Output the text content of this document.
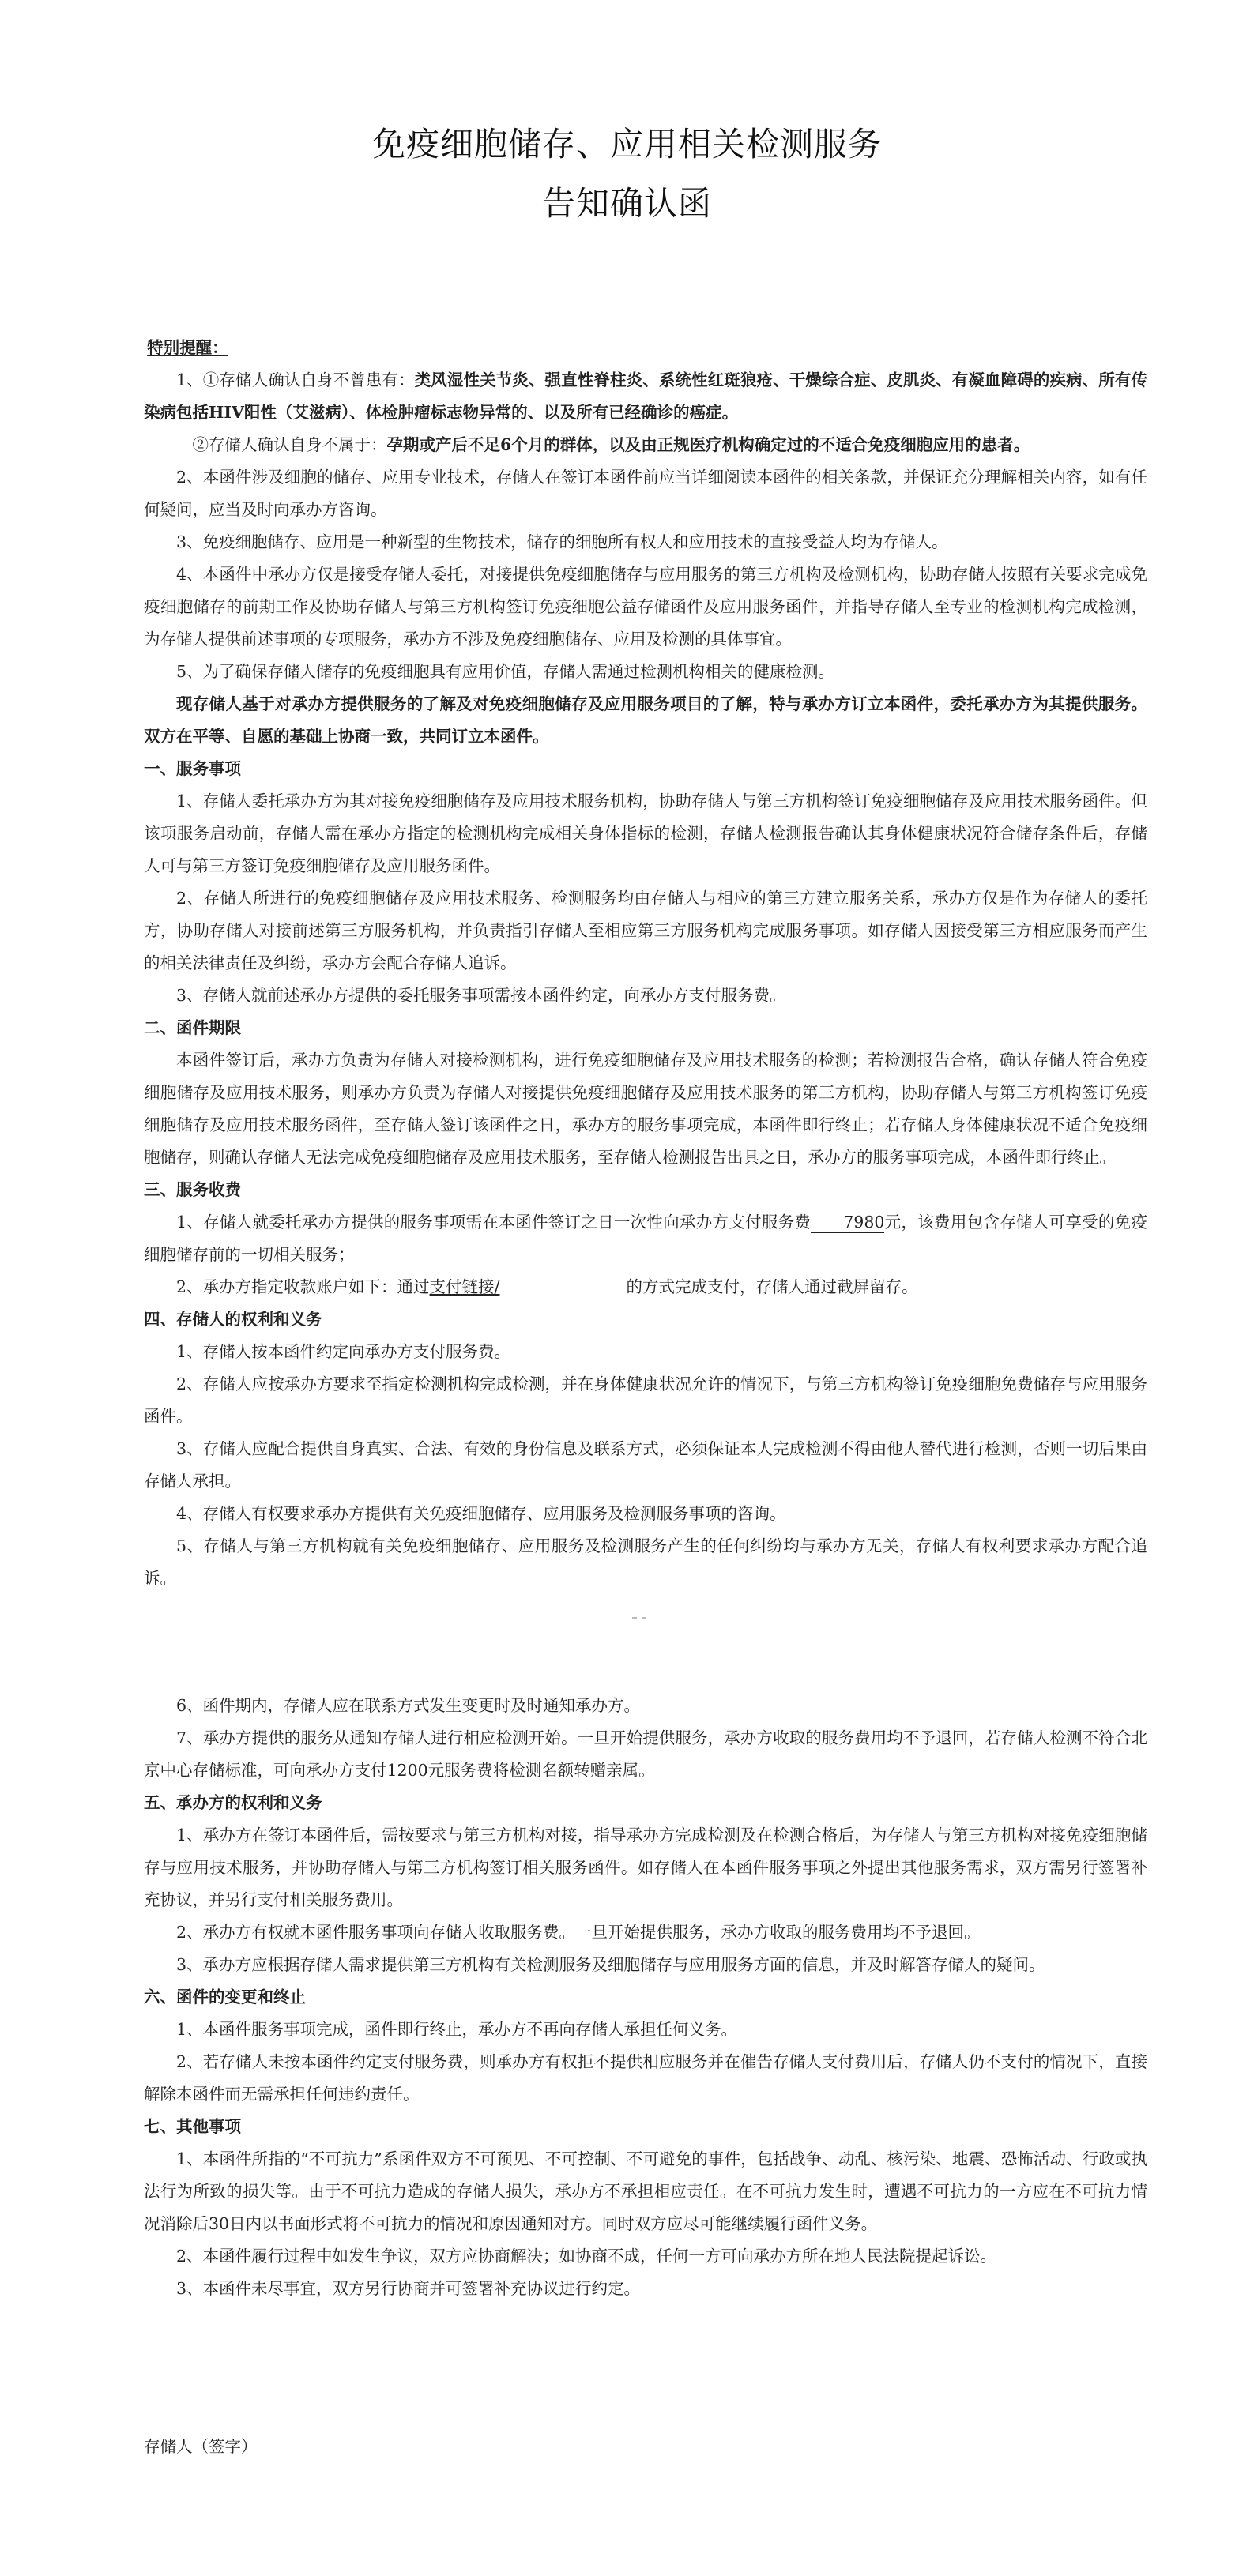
免疫细胞储存、应用相关检测服务
告知确认函

特别提醒：

1、①存储人确认自身不曾患有：类风湿性关节炎、强直性脊柱炎、系统性红斑狼疮、干燥综合症、皮肌炎、有凝血障碍的疾病、所有传染病包括HIV阳性（艾滋病）、体检肿瘤标志物异常的、以及所有已经确诊的癌症。

②存储人确认自身不属于：孕期或产后不足6个月的群体，以及由正规医疗机构确定过的不适合免疫细胞应用的患者。

2、本函件涉及细胞的储存、应用专业技术，存储人在签订本函件前应当详细阅读本函件的相关条款，并保证充分理解相关内容，如有任何疑问，应当及时向承办方咨询。

3、免疫细胞储存、应用是一种新型的生物技术，储存的细胞所有权人和应用技术的直接受益人均为存储人。

4、本函件中承办方仅是接受存储人委托，对接提供免疫细胞储存与应用服务的第三方机构及检测机构，协助存储人按照有关要求完成免疫细胞储存的前期工作及协助存储人与第三方机构签订免疫细胞公益存储函件及应用服务函件，并指导存储人至专业的检测机构完成检测，为存储人提供前述事项的专项服务，承办方不涉及免疫细胞储存、应用及检测的具体事宜。

5、为了确保存储人储存的免疫细胞具有应用价值，存储人需通过检测机构相关的健康检测。

现存储人基于对承办方提供服务的了解及对免疫细胞储存及应用服务项目的了解，特与承办方订立本函件，委托承办方为其提供服务。双方在平等、自愿的基础上协商一致，共同订立本函件。

一、服务事项

1、存储人委托承办方为其对接免疫细胞储存及应用技术服务机构，协助存储人与第三方机构签订免疫细胞储存及应用技术服务函件。但该项服务启动前，存储人需在承办方指定的检测机构完成相关身体指标的检测，存储人检测报告确认其身体健康状况符合储存条件后，存储人可与第三方签订免疫细胞储存及应用服务函件。

2、存储人所进行的免疫细胞储存及应用技术服务、检测服务均由存储人与相应的第三方建立服务关系，承办方仅是作为存储人的委托方，协助存储人对接前述第三方服务机构，并负责指引存储人至相应第三方服务机构完成服务事项。如存储人因接受第三方相应服务而产生的相关法律责任及纠纷，承办方会配合存储人追诉。

3、存储人就前述承办方提供的委托服务事项需按本函件约定，向承办方支付服务费。

二、函件期限

本函件签订后，承办方负责为存储人对接检测机构，进行免疫细胞储存及应用技术服务的检测；若检测报告合格，确认存储人符合免疫细胞储存及应用技术服务，则承办方负责为存储人对接提供免疫细胞储存及应用技术服务的第三方机构，协助存储人与第三方机构签订免疫细胞储存及应用技术服务函件，至存储人签订该函件之日，承办方的服务事项完成，本函件即行终止；若存储人身体健康状况不适合免疫细胞储存，则确认存储人无法完成免疫细胞储存及应用技术服务，至存储人检测报告出具之日，承办方的服务事项完成，本函件即行终止。

三、服务收费

1、存储人就委托承办方提供的服务事项需在本函件签订之日一次性向承办方支付服务费 7980元，该费用包含存储人可享受的免疫细胞储存前的一切相关服务；

2、承办方指定收款账户如下：通过支付链接/	的方式完成支付，存储人通过截屏留存。

四、存储人的权利和义务

1、存储人按本函件约定向承办方支付服务费。

2、存储人应按承办方要求至指定检测机构完成检测，并在身体健康状况允许的情况下，与第三方机构签订免疫细胞免费储存与应用服务函件。

3、存储人应配合提供自身真实、合法、有效的身份信息及联系方式，必须保证本人完成检测不得由他人替代进行检测，否则一切后果由存储人承担。

4、存储人有权要求承办方提供有关免疫细胞储存、应用服务及检测服务事项的咨询。

5、存储人与第三方机构就有关免疫细胞储存、应用服务及检测服务产生的任何纠纷均与承办方无关，存储人有权利要求承办方配合追诉。

6、函件期内，存储人应在联系方式发生变更时及时通知承办方。

7、承办方提供的服务从通知存储人进行相应检测开始。一旦开始提供服务，承办方收取的服务费用均不予退回，若存储人检测不符合北京中心存储标准，可向承办方支付1200元服务费将检测名额转赠亲属。

五、承办方的权利和义务

1、承办方在签订本函件后，需按要求与第三方机构对接，指导承办方完成检测及在检测合格后，为存储人与第三方机构对接免疫细胞储存与应用技术服务，并协助存储人与第三方机构签订相关服务函件。如存储人在本函件服务事项之外提出其他服务需求，双方需另行签署补充协议，并另行支付相关服务费用。

2、承办方有权就本函件服务事项向存储人收取服务费。一旦开始提供服务，承办方收取的服务费用均不予退回。

3、承办方应根据存储人需求提供第三方机构有关检测服务及细胞储存与应用服务方面的信息，并及时解答存储人的疑问。

六、函件的变更和终止

1、本函件服务事项完成，函件即行终止，承办方不再向存储人承担任何义务。

2、若存储人未按本函件约定支付服务费，则承办方有权拒不提供相应服务并在催告存储人支付费用后，存储人仍不支付的情况下，直接解除本函件而无需承担任何违约责任。

七、其他事项

1、本函件所指的“不可抗力”系函件双方不可预见、不可控制、不可避免的事件，包括战争、动乱、核污染、地震、恐怖活动、行政或执法行为所致的损失等。由于不可抗力造成的存储人损失，承办方不承担相应责任。在不可抗力发生时，遭遇不可抗力的一方应在不可抗力情况消除后30日内以书面形式将不可抗力的情况和原因通知对方。同时双方应尽可能继续履行函件义务。

2、本函件履行过程中如发生争议，双方应协商解决；如协商不成，任何一方可向承办方所在地人民法院提起诉讼。

3、本函件未尽事宜，双方另行协商并可签署补充协议进行约定。

存储人（签字）
